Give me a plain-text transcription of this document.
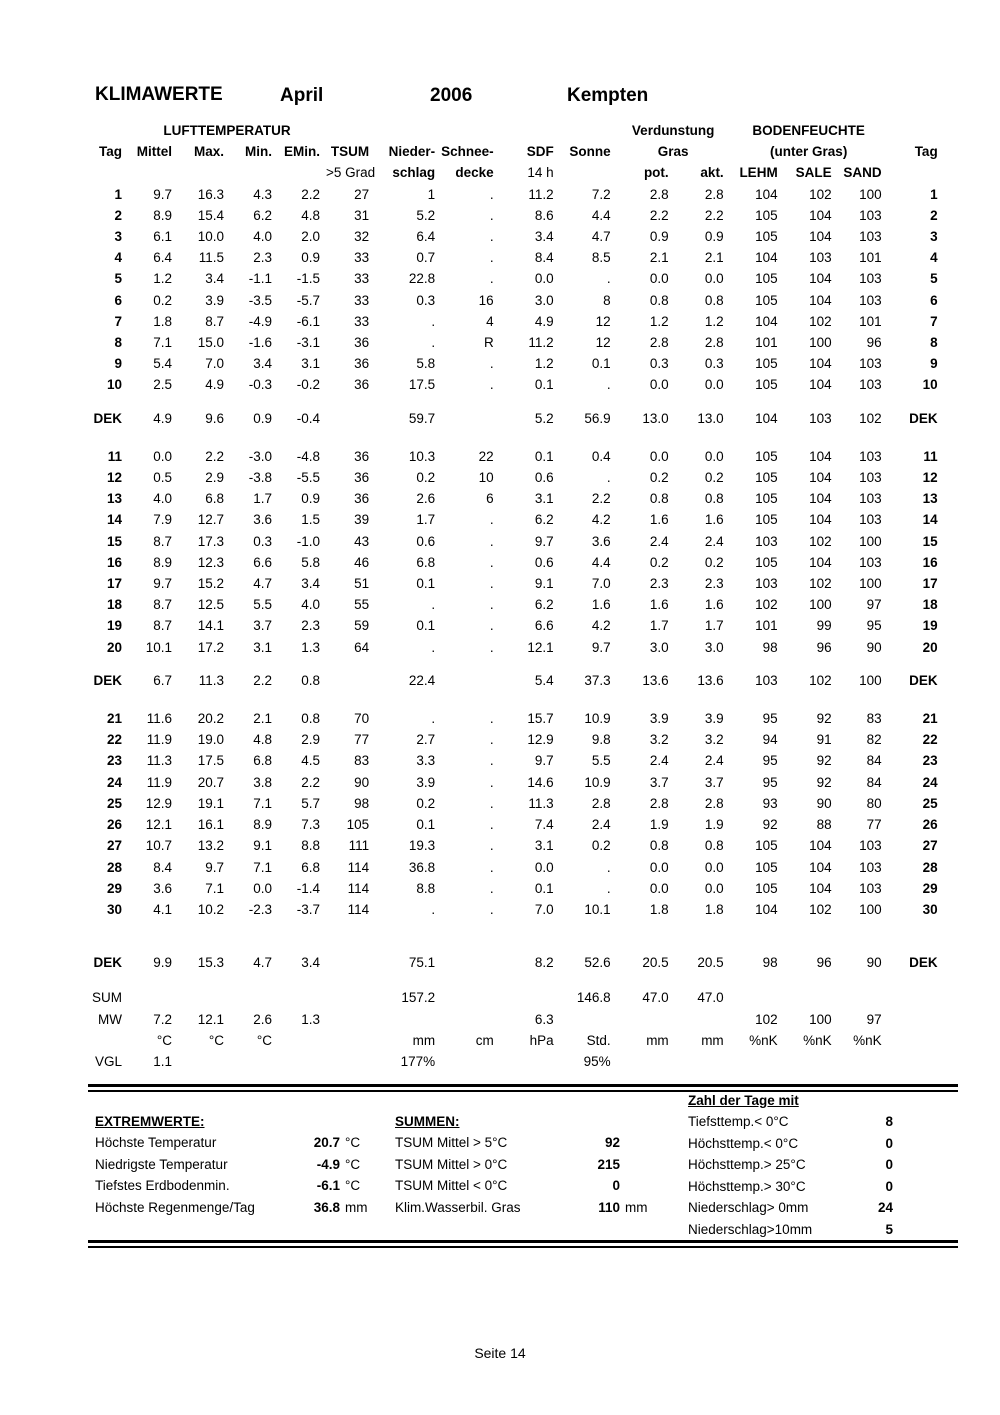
KLIMAWERTE	April	2006	Kempten
	LUFTTEMPERATUR									Verdunstung		BODENFEUCHTE			
Tag	Mittel	Max.	Min.	EMin.	TSUM	Nieder-	Schnee-	SDF	Sonne	Gras		(unter Gras)			Tag
					>5 Grad	schlag	decke	14 h		pot.	akt.	LEHM	SALE	SAND	
1	9.7	16.3	4.3	2.2	27	1	.	11.2	7.2	2.8	2.8	104	102	100	1
2	8.9	15.4	6.2	4.8	31	5.2	.	8.6	4.4	2.2	2.2	105	104	103	2
3	6.1	10.0	4.0	2.0	32	6.4	.	3.4	4.7	0.9	0.9	105	104	103	3
4	6.4	11.5	2.3	0.9	33	0.7	.	8.4	8.5	2.1	2.1	104	103	101	4
5	1.2	3.4	-1.1	-1.5	33	22.8	.	0.0	.	0.0	0.0	105	104	103	5
6	0.2	3.9	-3.5	-5.7	33	0.3	16	3.0	8	0.8	0.8	105	104	103	6
7	1.8	8.7	-4.9	-6.1	33	.	4	4.9	12	1.2	1.2	104	102	101	7
8	7.1	15.0	-1.6	-3.1	36	.	R	11.2	12	2.8	2.8	101	100	96	8
9	5.4	7.0	3.4	3.1	36	5.8	.	1.2	0.1	0.3	0.3	105	104	103	9
10	2.5	4.9	-0.3	-0.2	36	17.5	.	0.1	.	0.0	0.0	105	104	103	10

DEK	4.9	9.6	0.9	-0.4		59.7		5.2	56.9	13.0	13.0	104	103	102	DEK

11	0.0	2.2	-3.0	-4.8	36	10.3	22	0.1	0.4	0.0	0.0	105	104	103	11
12	0.5	2.9	-3.8	-5.5	36	0.2	10	0.6	.	0.2	0.2	105	104	103	12
13	4.0	6.8	1.7	0.9	36	2.6	6	3.1	2.2	0.8	0.8	105	104	103	13
14	7.9	12.7	3.6	1.5	39	1.7	.	6.2	4.2	1.6	1.6	105	104	103	14
15	8.7	17.3	0.3	-1.0	43	0.6	.	9.7	3.6	2.4	2.4	103	102	100	15
16	8.9	12.3	6.6	5.8	46	6.8	.	0.6	4.4	0.2	0.2	105	104	103	16
17	9.7	15.2	4.7	3.4	51	0.1	.	9.1	7.0	2.3	2.3	103	102	100	17
18	8.7	12.5	5.5	4.0	55	.	.	6.2	1.6	1.6	1.6	102	100	97	18
19	8.7	14.1	3.7	2.3	59	0.1	.	6.6	4.2	1.7	1.7	101	99	95	19
20	10.1	17.2	3.1	1.3	64	.	.	12.1	9.7	3.0	3.0	98	96	90	20

DEK	6.7	11.3	2.2	0.8		22.4		5.4	37.3	13.6	13.6	103	102	100	DEK

21	11.6	20.2	2.1	0.8	70	.	.	15.7	10.9	3.9	3.9	95	92	83	21
22	11.9	19.0	4.8	2.9	77	2.7	.	12.9	9.8	3.2	3.2	94	91	82	22
23	11.3	17.5	6.8	4.5	83	3.3	.	9.7	5.5	2.4	2.4	95	92	84	23
24	11.9	20.7	3.8	2.2	90	3.9	.	14.6	10.9	3.7	3.7	95	92	84	24
25	12.9	19.1	7.1	5.7	98	0.2	.	11.3	2.8	2.8	2.8	93	90	80	25
26	12.1	16.1	8.9	7.3	105	0.1	.	7.4	2.4	1.9	1.9	92	88	77	26
27	10.7	13.2	9.1	8.8	111	19.3	.	3.1	0.2	0.8	0.8	105	104	103	27
28	8.4	9.7	7.1	6.8	114	36.8	.	0.0	.	0.0	0.0	105	104	103	28
29	3.6	7.1	0.0	-1.4	114	8.8	.	0.1	.	0.0	0.0	105	104	103	29
30	4.1	10.2	-2.3	-3.7	114	.	.	7.0	10.1	1.8	1.8	104	102	100	30

DEK	9.9	15.3	4.7	3.4		75.1		8.2	52.6	20.5	20.5	98	96	90	DEK

SUM						157.2			146.8	47.0	47.0				
MW	7.2	12.1	2.6	1.3				6.3				102	100	97	
	°C	°C	°C			mm	cm	hPa	Std.	mm	mm	%nK	%nK	%nK	
VGL	1.1					177%			95%						
EXTREMWERTE:
Höchste Temperatur	20.7 °C
Niedrigste Temperatur	-4.9 °C
Tiefstes Erdbodenmin.	-6.1 °C
Höchste Regenmenge/Tag	36.8 mm
SUMMEN:
TSUM Mittel > 5°C	92
TSUM Mittel > 0°C	215
TSUM Mittel < 0°C	0
Klim.Wasserbil. Gras	110 mm
Zahl der Tage mit
Tiefsttemp.< 0°C	8
Höchsttemp.< 0°C	0
Höchsttemp.> 25°C	0
Höchsttemp.> 30°C	0
Niederschlag> 0mm	24
Niederschlag>10mm	5
Seite 14
